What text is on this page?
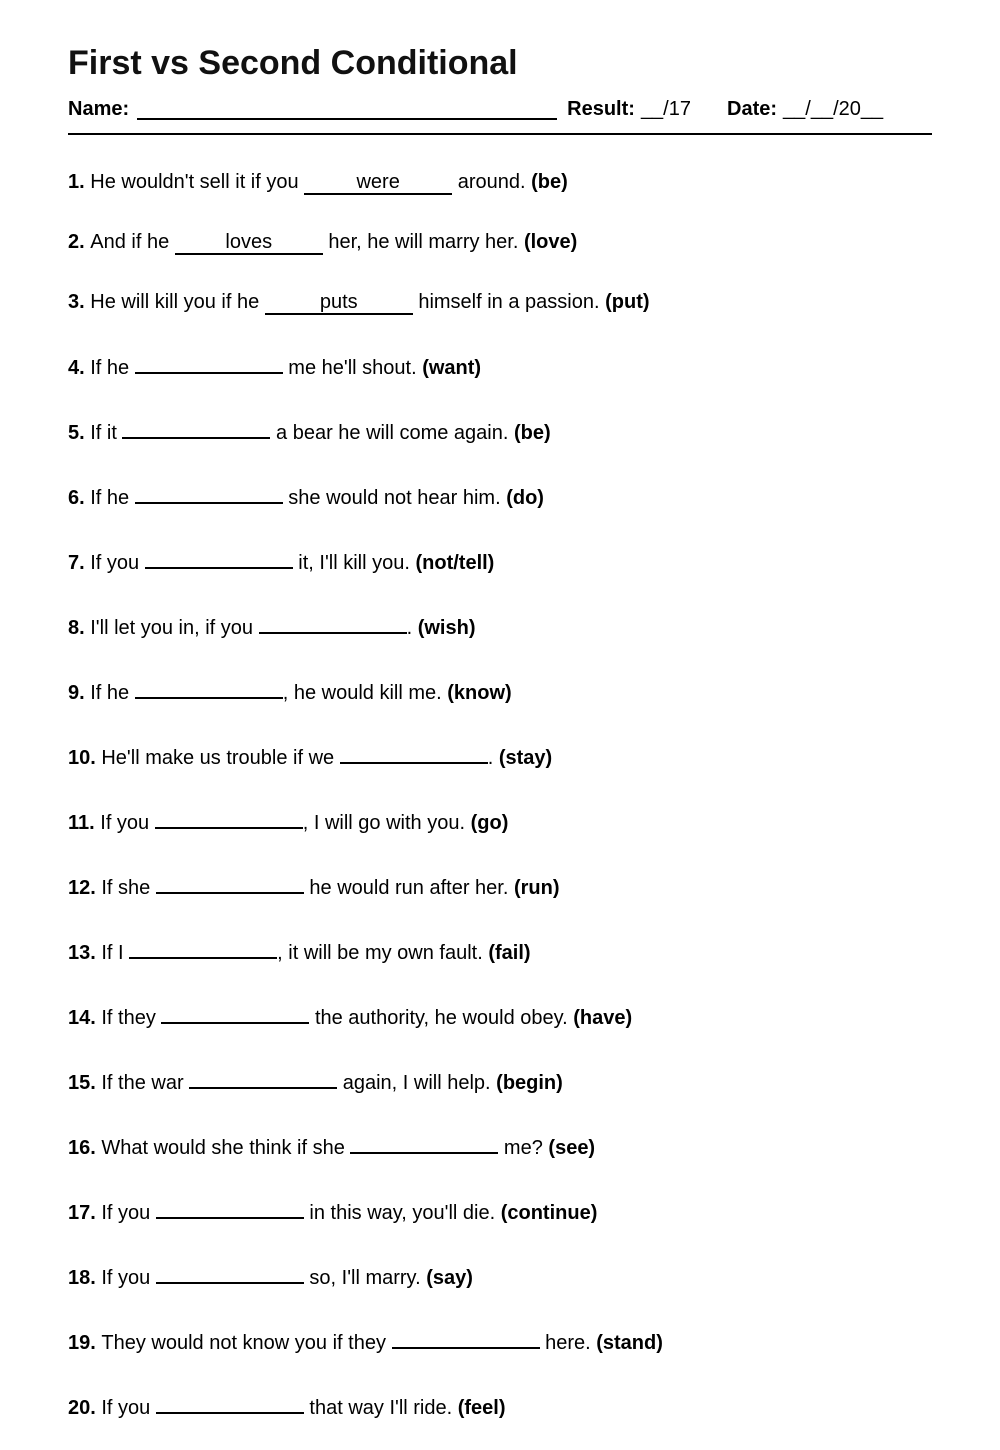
First vs Second Conditional
Name:	Result: __/17 Date: __/__/20__
1. He wouldn't sell it if you	were	around. (be)
2. And if he	loves	her, he will marry her. (love)
3. He will kill you if he	puts	himself in a passion. (put)
4. If he	me he'll shout. (want)
5. If it	a bear he will come again. (be)
6. If he	she would not hear him. (do)
7. If you	it, I'll kill you. (not/tell)
8. I'll let you in, if you	. (wish)
9. If he	, he would kill me. (know)
10. He'll make us trouble if we	. (stay)
11. If you	, I will go with you. (go)
12. If she	he would run after her. (run)
13. If I	, it will be my own fault. (fail)
14. If they	the authority, he would obey. (have)
15. If the war	again, I will help. (begin)
16. What would she think if she	me? (see)
17. If you	in this way, you'll die. (continue)
18. If you	so, I'll marry. (say)
19. They would not know you if they	here. (stand)
20. If you	that way I'll ride. (feel)
